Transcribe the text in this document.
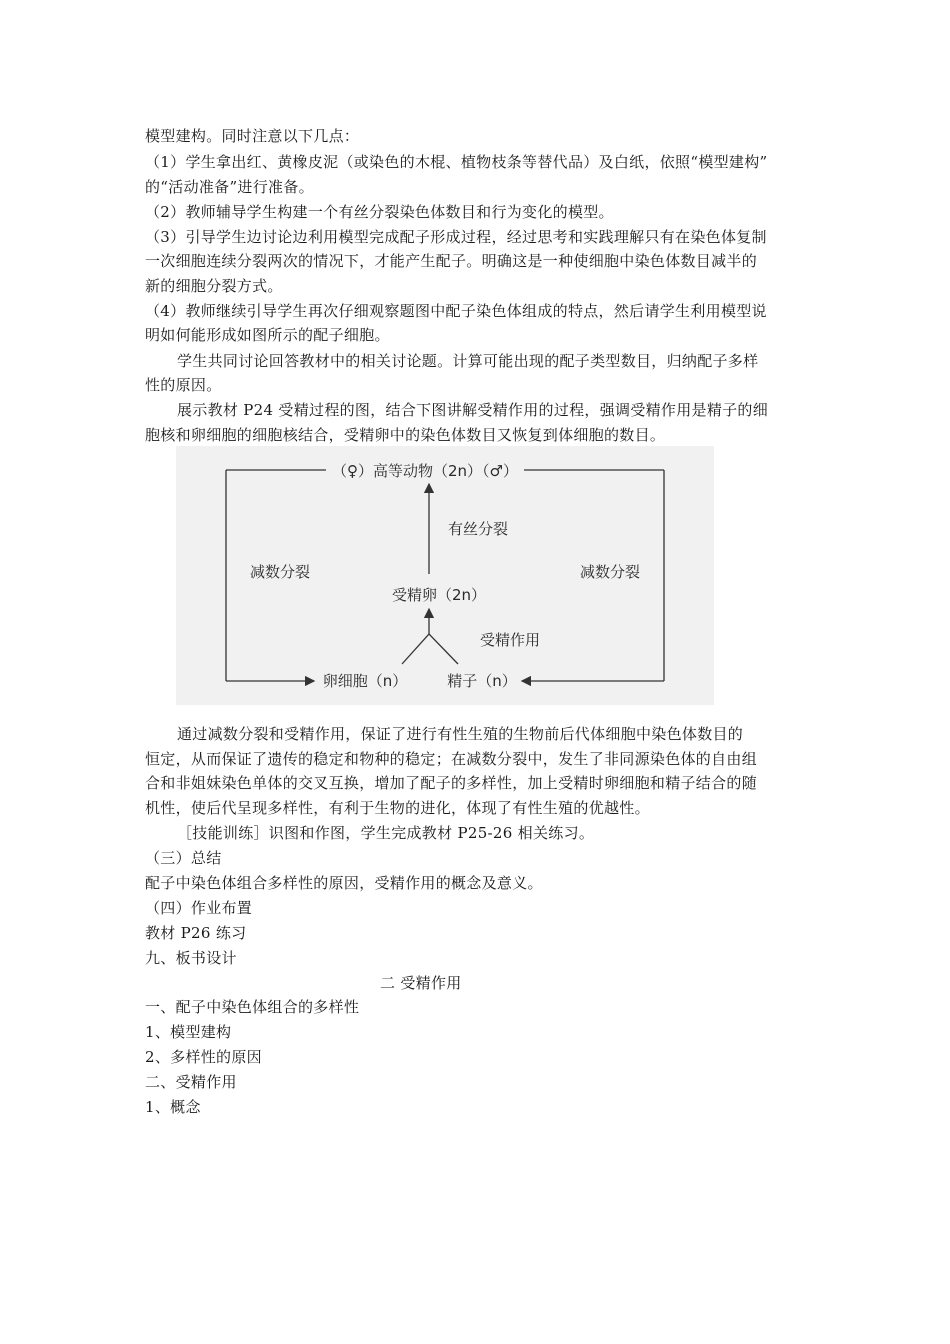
模型建构。同时注意以下几点：
（1）学生拿出红、黄橡皮泥（或染色的木棍、植物枝条等替代品）及白纸，依照“模型建构”
的“活动准备”进行准备。
（2）教师辅导学生构建一个有丝分裂染色体数目和行为变化的模型。
（3）引导学生边讨论边利用模型完成配子形成过程，经过思考和实践理解只有在染色体复制
一次细胞连续分裂两次的情况下，才能产生配子。明确这是一种使细胞中染色体数目减半的
新的细胞分裂方式。
（4）教师继续引导学生再次仔细观察题图中配子染色体组成的特点，然后请学生利用模型说
明如何能形成如图所示的配子细胞。
学生共同讨论回答教材中的相关讨论题。计算可能出现的配子类型数目，归纳配子多样
性的原因。
展示教材 P24 受精过程的图，结合下图讲解受精作用的过程，强调受精作用是精子的细
胞核和卵细胞的细胞核结合，受精卵中的染色体数目又恢复到体细胞的数目。
（♀）高等动物（2n）（♂）
有丝分裂
减数分裂	减数分裂
受精卵（2n）
受精作用
卵细胞（n）	精子（n）
通过减数分裂和受精作用，保证了进行有性生殖的生物前后代体细胞中染色体数目的
恒定，从而保证了遗传的稳定和物种的稳定；在减数分裂中，发生了非同源染色体的自由组
合和非姐妹染色单体的交叉互换，增加了配子的多样性，加上受精时卵细胞和精子结合的随
机性，使后代呈现多样性，有利于生物的进化，体现了有性生殖的优越性。
［技能训练］识图和作图，学生完成教材 P25-26 相关练习。
（三）总结
配子中染色体组合多样性的原因，受精作用的概念及意义。
（四）作业布置
教材 P26 练习
九、板书设计
二 受精作用
一、配子中染色体组合的多样性
1、模型建构
2、多样性的原因
二、受精作用
1、概念
